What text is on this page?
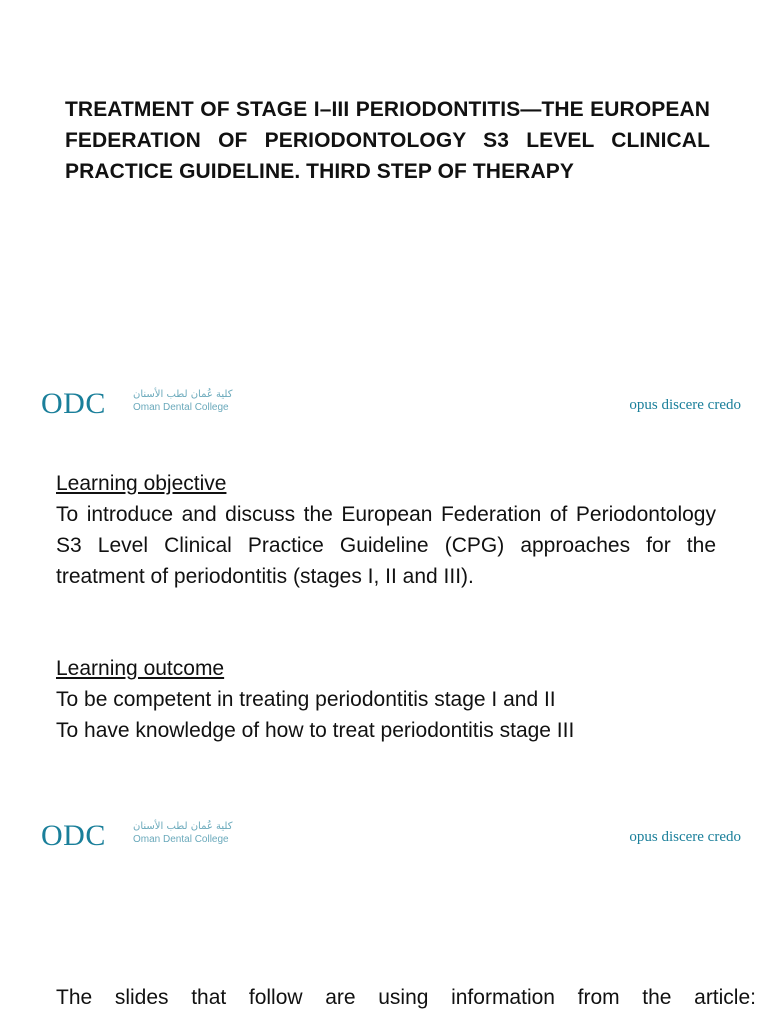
TREATMENT OF STAGE I–III PERIODONTITIS—THE EUROPEAN FEDERATION OF PERIODONTOLOGY S3 LEVEL CLINICAL PRACTICE GUIDELINE. THIRD STEP OF THERAPY
ODC	كلية عُمان لطب الأسنان
Oman Dental College	opus discere credo
Learning objective
To introduce and discuss the European Federation of Periodontology S3 Level Clinical Practice Guideline (CPG) approaches for the treatment of periodontitis (stages I, II and III).
Learning outcome
To be competent in treating periodontitis stage I and II
To have knowledge of how to treat periodontitis stage III
ODC	كلية عُمان لطب الأسنان
Oman Dental College	opus discere credo
The slides that follow are using information from the article:
